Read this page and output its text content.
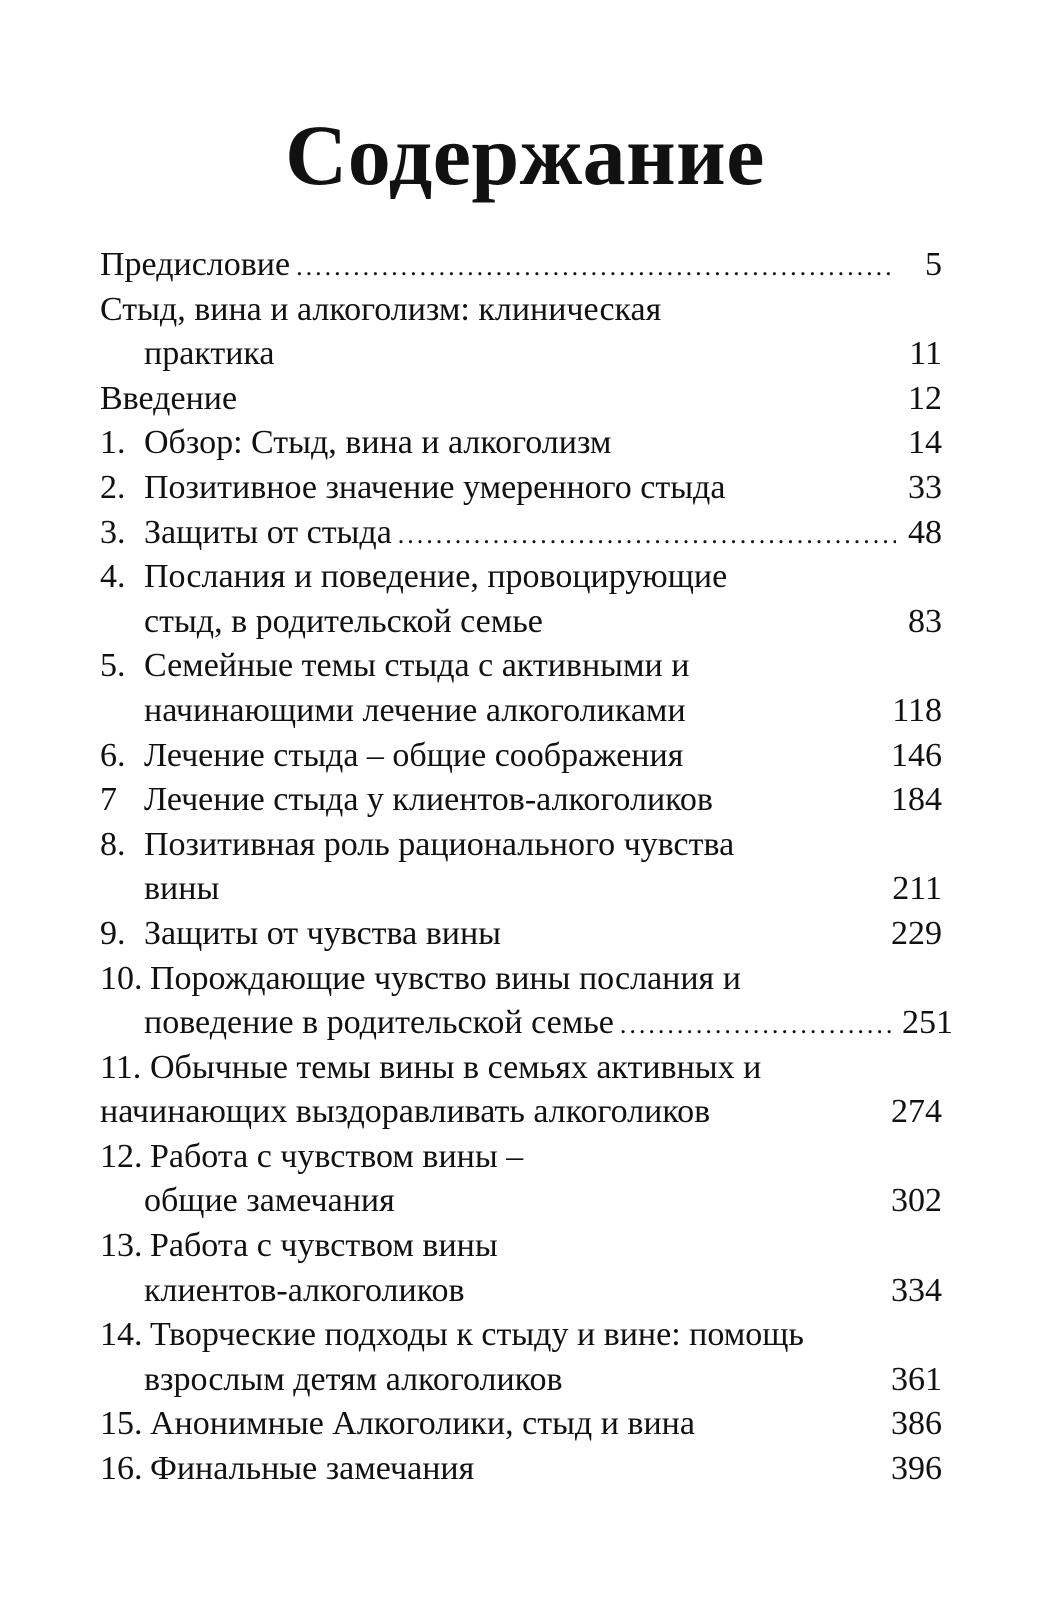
Содержание
Предисловие .....	5
Стыд, вина и алкоголизм: клиническая
практика	11
Введение	12
1. Обзор: Стыд, вина и алкоголизм	14
2. Позитивное значение умеренного стыда	33
3. Защиты от стыда .....	48
4. Послания и поведение, провоцирующие
стыд, в родительской семье	83
5. Семейные темы стыда с активными и
начинающими лечение алкоголиками	118
6. Лечение стыда – общие соображения	146
7 Лечение стыда у клиентов-алкоголиков	184
8. Позитивная роль рационального чувства
вины	211
9. Защиты от чувства вины	229
10. Порождающие чувство вины послания и
поведение в родительской семье .....	251
11. Обычные темы вины в семьях активных и
начинающих выздоравливать алкоголиков	274
12. Работа с чувством вины –
общие замечания	302
13. Работа с чувством вины
клиентов-алкоголиков	334
14. Творческие подходы к стыду и вине: помощь
взрослым детям алкоголиков	361
15. Анонимные Алкоголики, стыд и вина	386
16. Финальные замечания	396
